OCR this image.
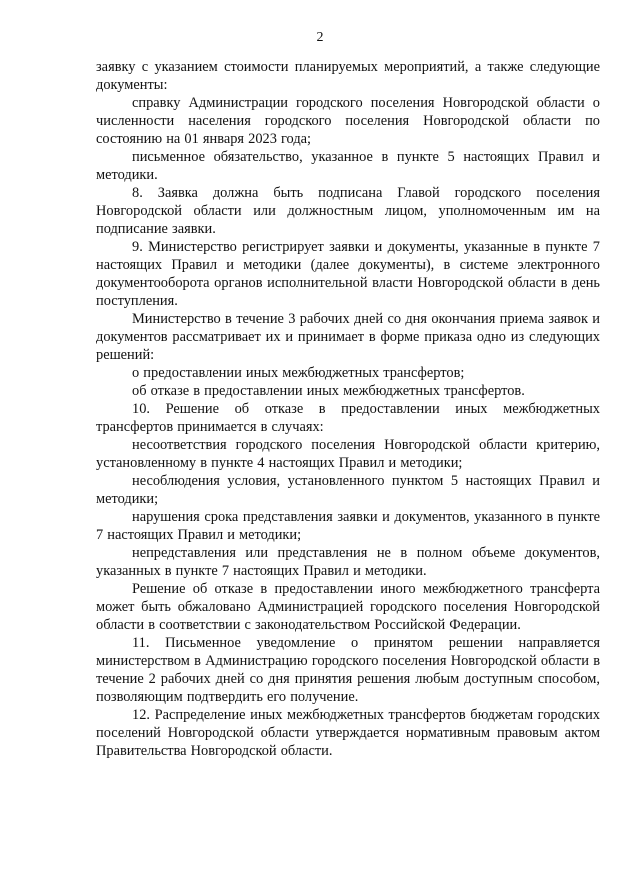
2

заявку с указанием стоимости планируемых мероприятий, а также следующие документы:

справку Администрации городского поселения Новгородской области о численности населения городского поселения Новгородской области по состоянию на 01 января 2023 года;

письменное обязательство, указанное в пункте 5 настоящих Правил и методики.

8. Заявка должна быть подписана Главой городского поселения Новгородской области или должностным лицом, уполномоченным им на подписание заявки.

9. Министерство регистрирует заявки и документы, указанные в пункте 7 настоящих Правил и методики (далее документы), в системе электронного документооборота органов исполнительной власти Новгородской области в день поступления.

Министерство в течение 3 рабочих дней со дня окончания приема заявок и документов рассматривает их и принимает в форме приказа одно из следующих решений:

о предоставлении иных межбюджетных трансфертов;

об отказе в предоставлении иных межбюджетных трансфертов.

10. Решение об отказе в предоставлении иных межбюджетных трансфертов принимается в случаях:

несоответствия городского поселения Новгородской области критерию, установленному в пункте 4 настоящих Правил и методики;

несоблюдения условия, установленного пунктом 5 настоящих Правил и методики;

нарушения срока представления заявки и документов, указанного в пункте 7 настоящих Правил и методики;

непредставления или представления не в полном объеме документов, указанных в пункте 7 настоящих Правил и методики.

Решение об отказе в предоставлении иного межбюджетного трансферта может быть обжаловано Администрацией городского поселения Новгородской области в соответствии с законодательством Российской Федерации.

11. Письменное уведомление о принятом решении направляется министерством в Администрацию городского поселения Новгородской области в течение 2 рабочих дней со дня принятия решения любым доступным способом, позволяющим подтвердить его получение.

12. Распределение иных межбюджетных трансфертов бюджетам городских поселений Новгородской области утверждается нормативным правовым актом Правительства Новгородской области.
